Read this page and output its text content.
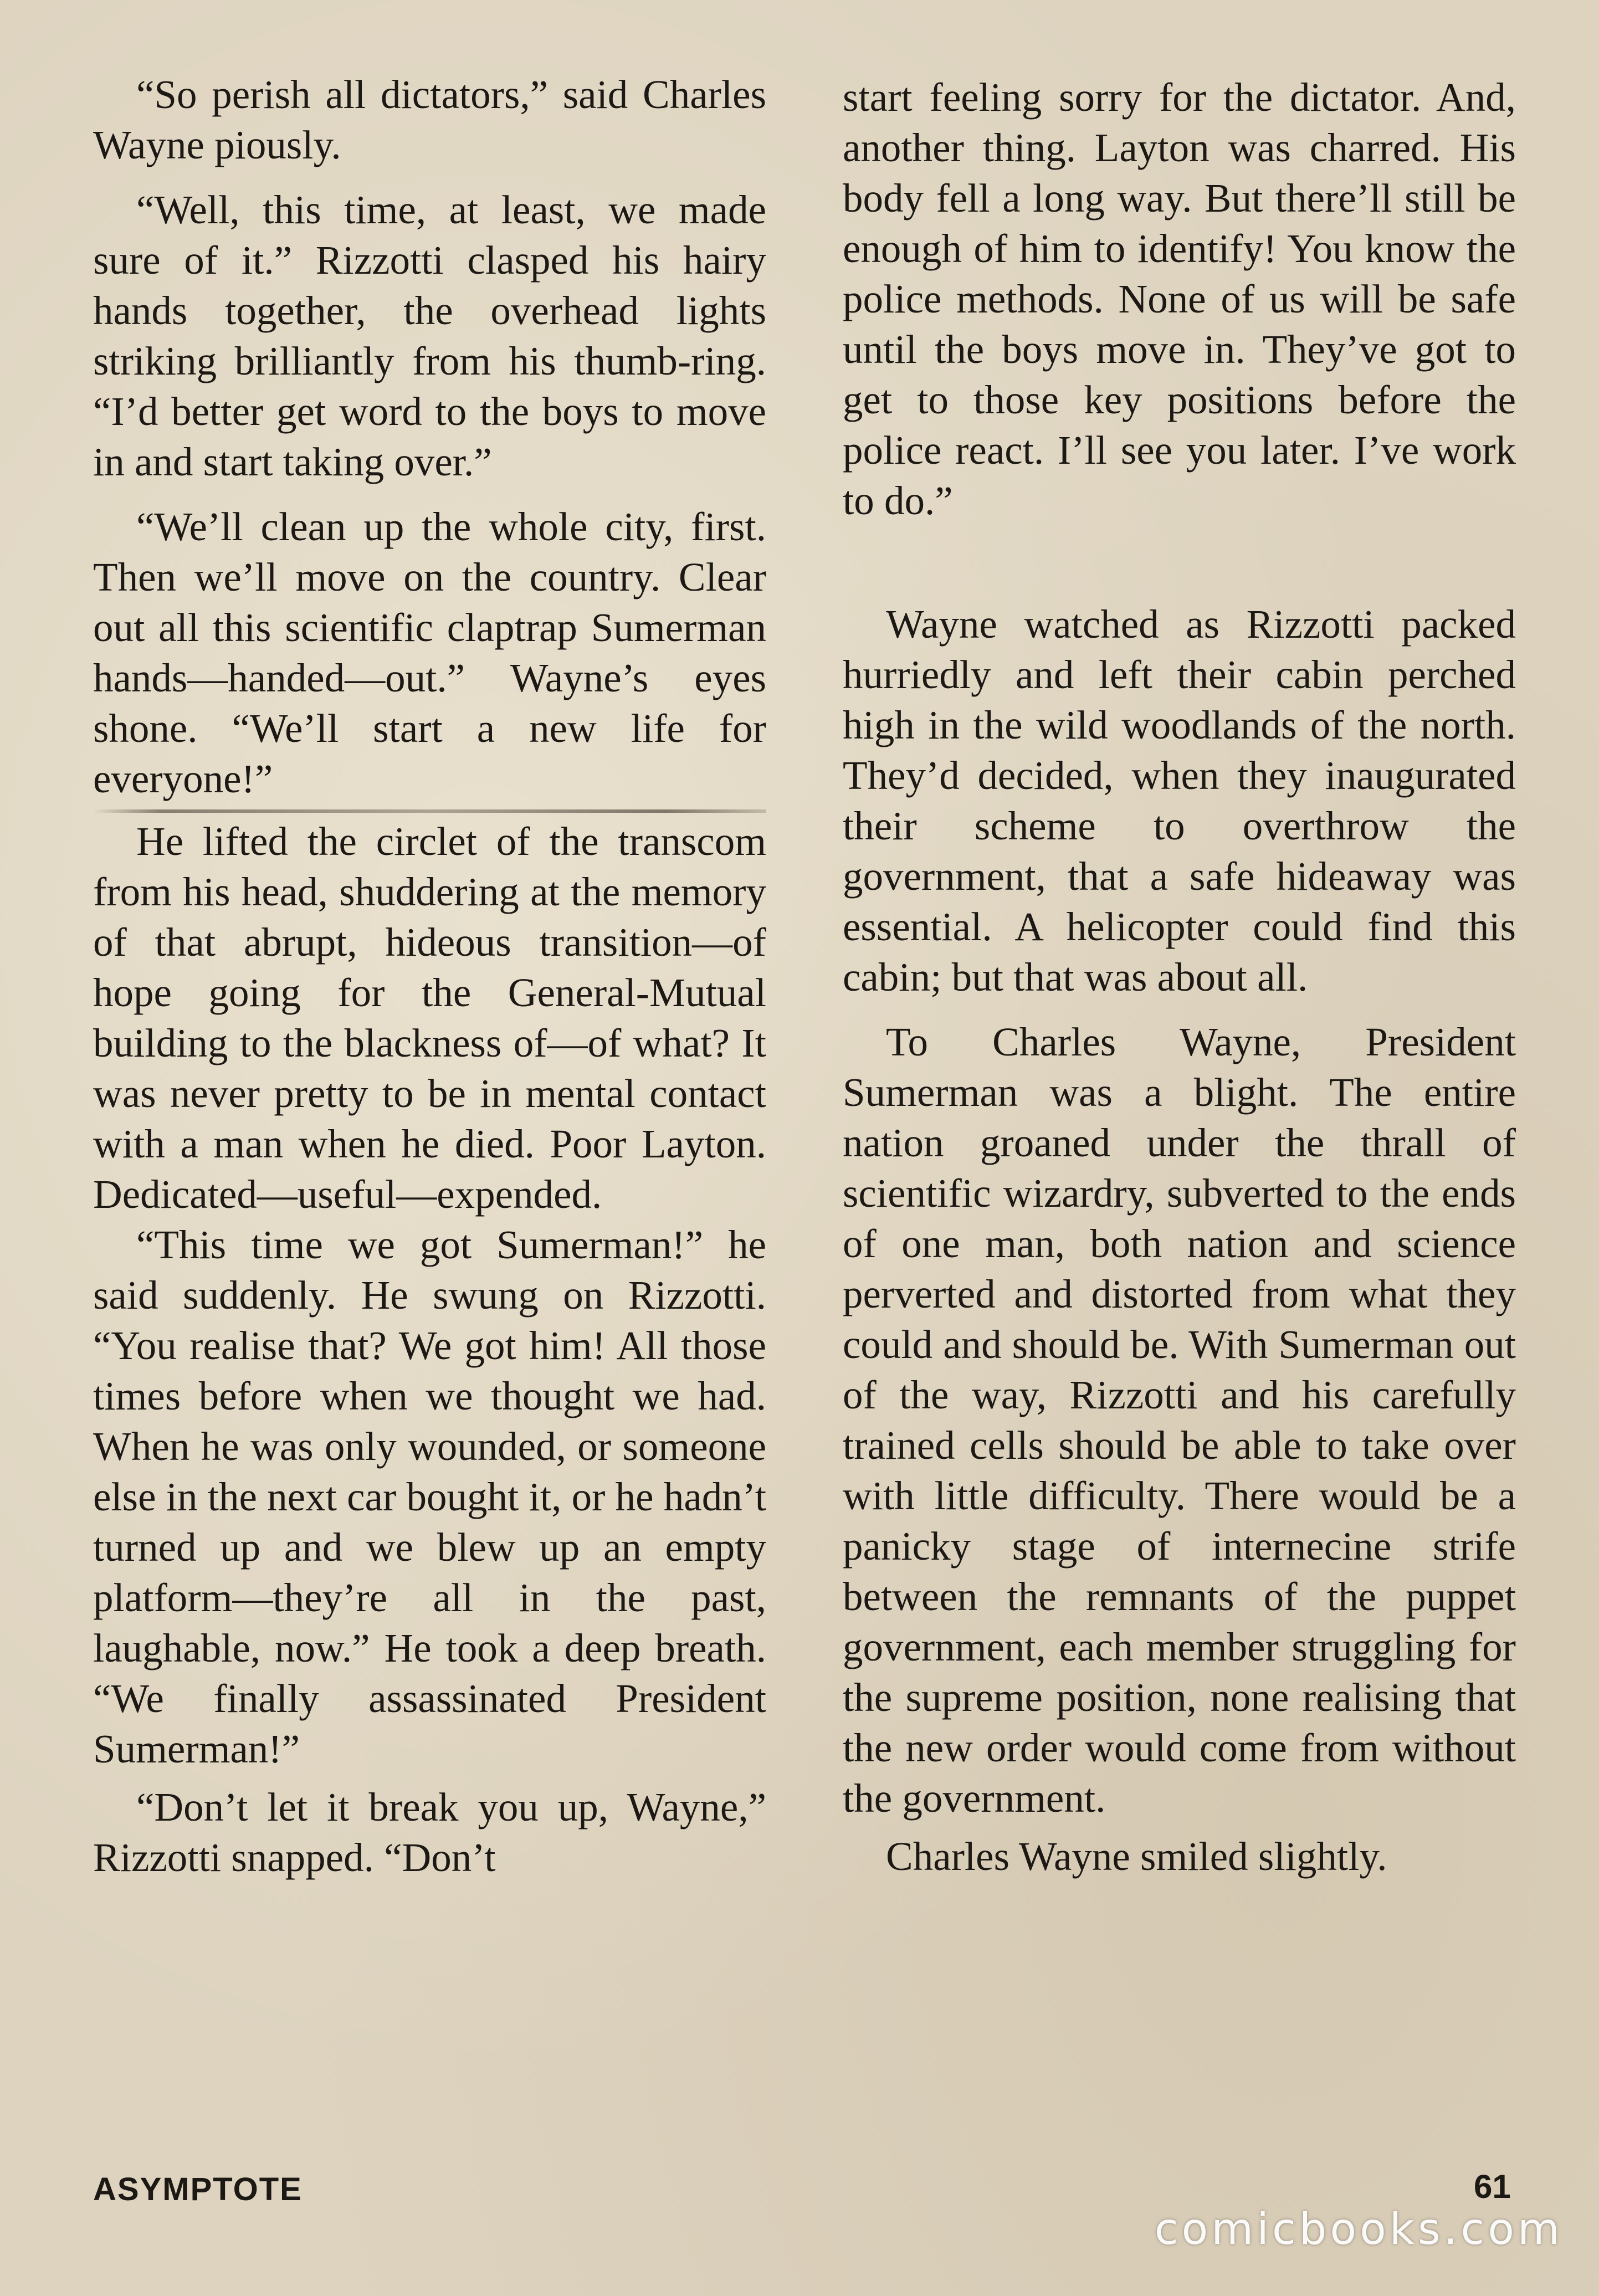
“So perish all dictators,” said Charles Wayne piously.

“Well, this time, at least, we made sure of it.” Rizzotti clasped his hairy hands together, the overhead lights striking brilliantly from his thumb-ring. “I’d better get word to the boys to move in and start taking over.”

“We’ll clean up the whole city, first. Then we’ll move on the country. Clear out all this scientific claptrap Sumerman hands—handed—out.” Wayne’s eyes shone. “We’ll start a new life for everyone!”

He lifted the circlet of the transcom from his head, shuddering at the memory of that abrupt, hideous transition—of hope going for the General-Mutual building to the blackness of—of what? It was never pretty to be in mental contact with a man when he died. Poor Layton. Dedicated—useful—expended.

“This time we got Sumerman!” he said suddenly. He swung on Rizzotti. “You realise that? We got him! All those times before when we thought we had. When he was only wounded, or someone else in the next car bought it, or he hadn’t turned up and we blew up an empty platform—they’re all in the past, laughable, now.” He took a deep breath. “We finally assassinated President Sumerman!”

“Don’t let it break you up, Wayne,” Rizzotti snapped. “Don’t

start feeling sorry for the dictator. And, another thing. Layton was charred. His body fell a long way. But there’ll still be enough of him to identify! You know the police methods. None of us will be safe until the boys move in. They’ve got to get to those key positions before the police react. I’ll see you later. I’ve work to do.”

Wayne watched as Rizzotti packed hurriedly and left their cabin perched high in the wild woodlands of the north. They’d decided, when they inaugurated their scheme to overthrow the government, that a safe hideaway was essential. A helicopter could find this cabin; but that was about all.

To Charles Wayne, President Sumerman was a blight. The entire nation groaned under the thrall of scientific wizardry, subverted to the ends of one man, both nation and science perverted and distorted from what they could and should be. With Sumerman out of the way, Rizzotti and his carefully trained cells should be able to take over with little difficulty. There would be a panicky stage of internecine strife between the remnants of the puppet government, each member struggling for the supreme position, none realising that the new order would come from without the government.

Charles Wayne smiled slightly.

ASYMPTOTE	61
comicbooks.com
